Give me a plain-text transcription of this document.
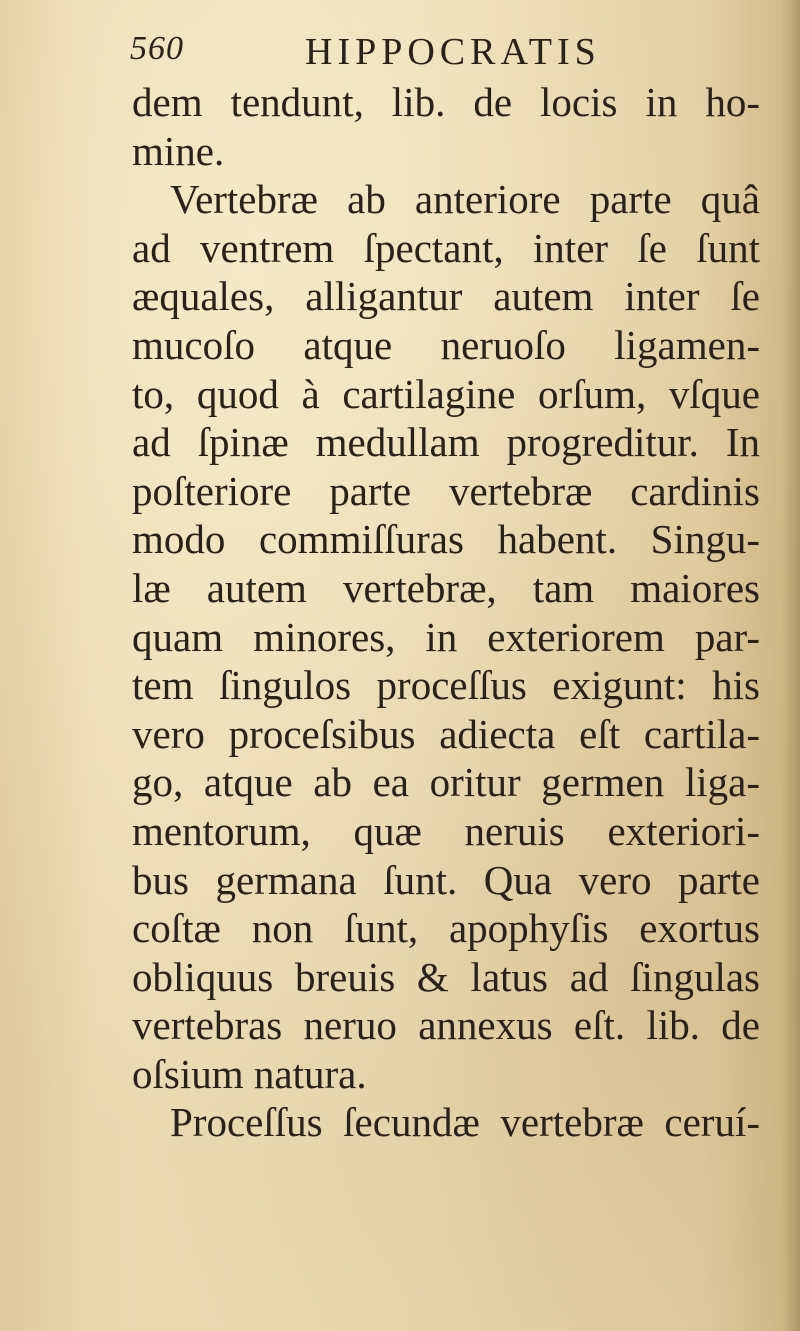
560	HIPPOCRATIS
dem tendunt, lib. de locis in ho-
mine.
Vertebræ ab anteriore parte quâ
ad ventrem ſpectant, inter ſe ſunt
æquales, alligantur autem inter ſe
mucoſo atque neruoſo ligamen-
to, quod à cartilagine orſum, vſque
ad ſpinæ medullam progreditur. In
poſteriore parte vertebræ cardinis
modo commiſſuras habent. Singu-
læ autem vertebræ, tam maiores
quam minores, in exteriorem par-
tem ſingulos proceſſus exigunt: his
vero proceſsibus adiecta eſt cartila-
go, atque ab ea oritur germen liga-
mentorum, quæ neruis exteriori-
bus germana ſunt. Qua vero parte
coſtæ non ſunt, apophyſis exortus
obliquus breuis & latus ad ſingulas
vertebras neruo annexus eſt. lib. de
oſsium natura.
Proceſſus ſecundæ vertebræ ceruí-
